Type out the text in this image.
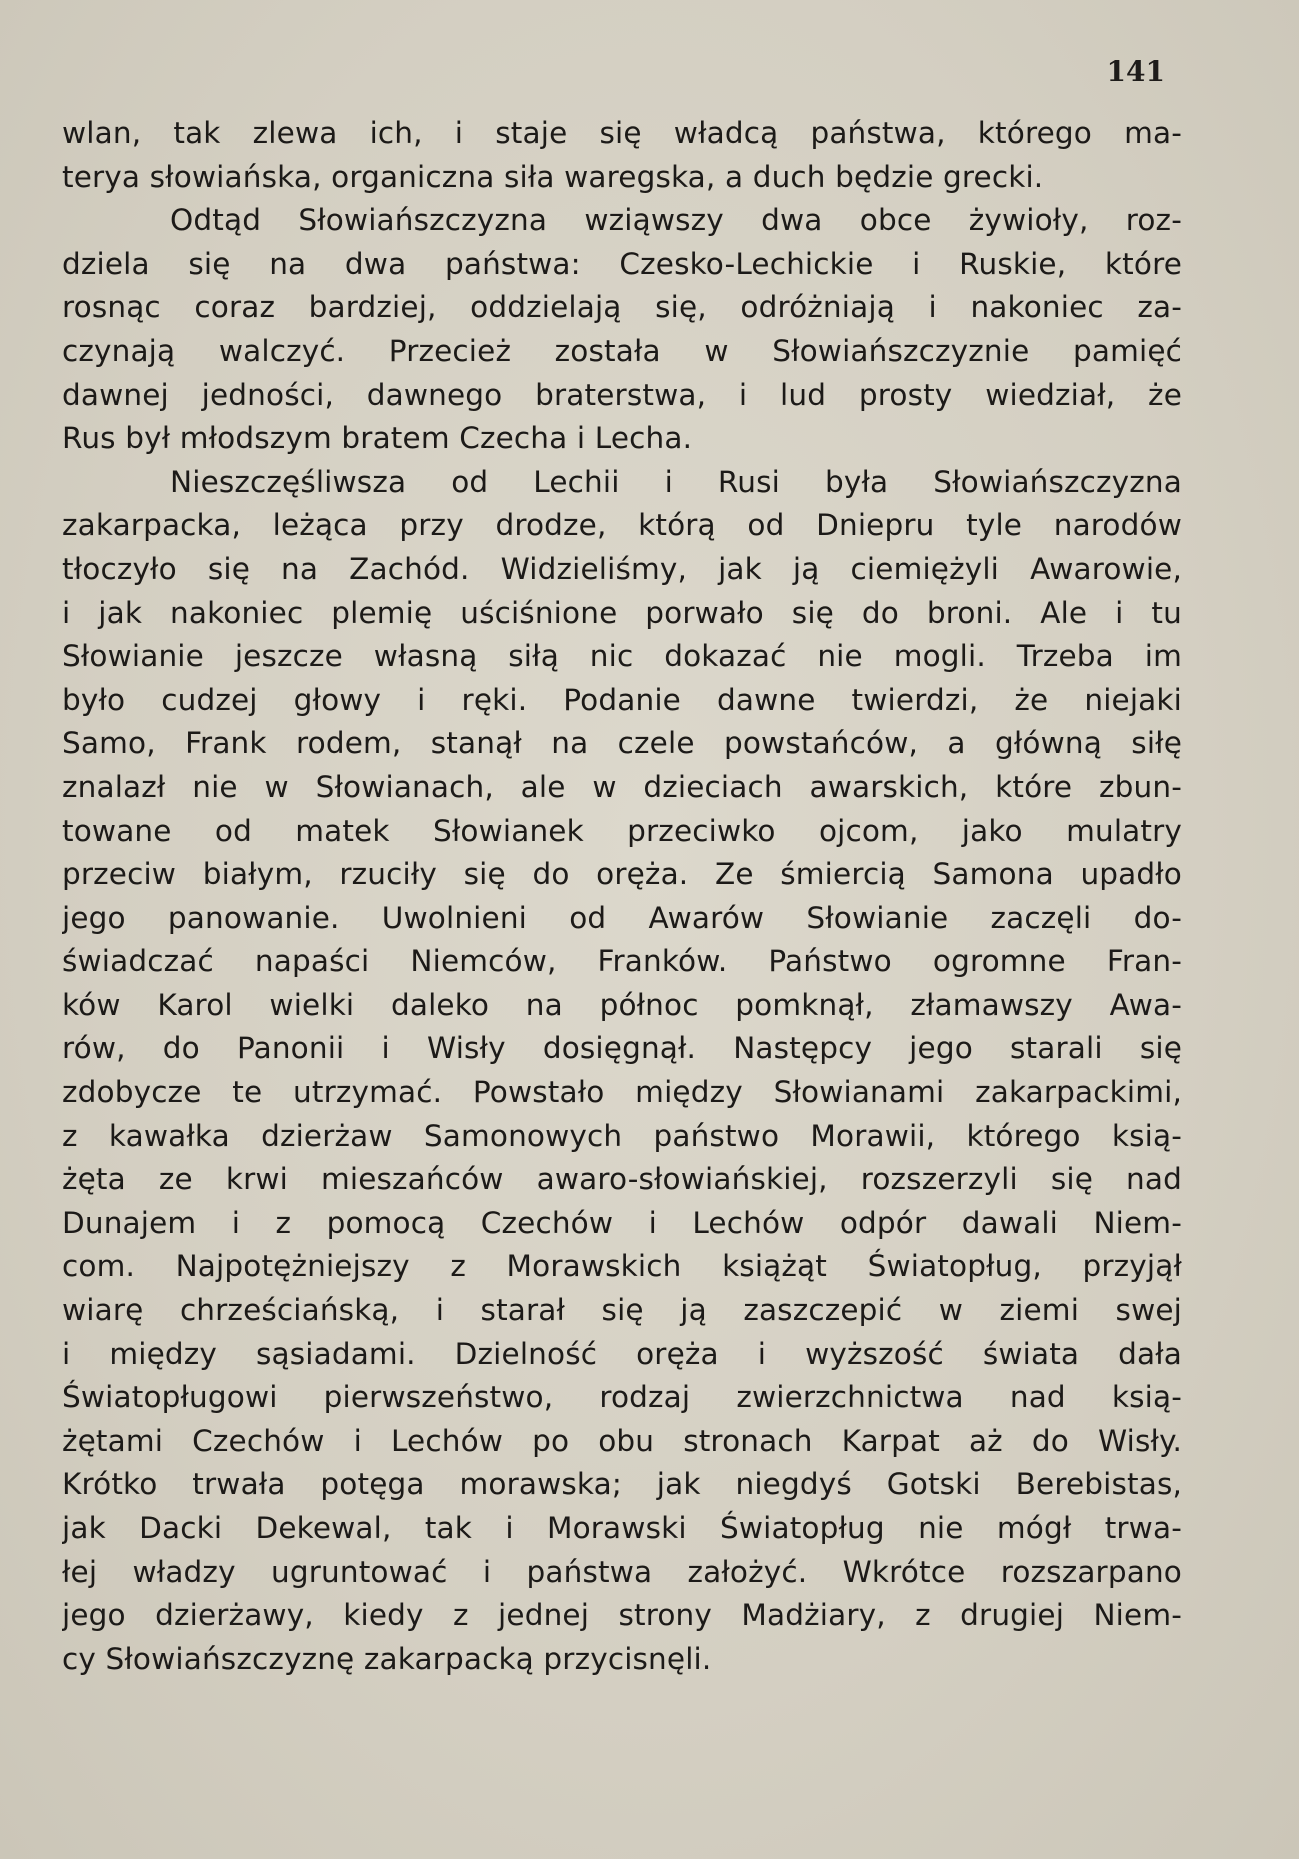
141
wlan, tak zlewa ich, i staje się władcą państwa, którego ma-
terya słowiańska, organiczna siła waregska, a duch będzie grecki.
Odtąd Słowiańszczyzna wziąwszy dwa obce żywioły, roz-
dziela się na dwa państwa: Czesko-Lechickie i Ruskie, które
rosnąc coraz bardziej, oddzielają się, odróżniają i nakoniec za-
czynają walczyć. Przecież została w Słowiańszczyznie pamięć
dawnej jedności, dawnego braterstwa, i lud prosty wiedział, że
Rus był młodszym bratem Czecha i Lecha.
Nieszczęśliwsza od Lechii i Rusi była Słowiańszczyzna
zakarpacka, leżąca przy drodze, którą od Dniepru tyle narodów
tłoczyło się na Zachód. Widzieliśmy, jak ją ciemiężyli Awarowie,
i jak nakoniec plemię uściśnione porwało się do broni. Ale i tu
Słowianie jeszcze własną siłą nic dokazać nie mogli. Trzeba im
było cudzej głowy i ręki. Podanie dawne twierdzi, że niejaki
Samo, Frank rodem, stanął na czele powstańców, a główną siłę
znalazł nie w Słowianach, ale w dzieciach awarskich, które zbun-
towane od matek Słowianek przeciwko ojcom, jako mulatry
przeciw białym, rzuciły się do oręża. Ze śmiercią Samona upadło
jego panowanie. Uwolnieni od Awarów Słowianie zaczęli do-
świadczać napaści Niemców, Franków. Państwo ogromne Fran-
ków Karol wielki daleko na północ pomknął, złamawszy Awa-
rów, do Panonii i Wisły dosięgnął. Następcy jego starali się
zdobycze te utrzymać. Powstało między Słowianami zakarpackimi,
z kawałka dzierżaw Samonowych państwo Morawii, którego ksią-
żęta ze krwi mieszańców awaro-słowiańskiej, rozszerzyli się nad
Dunajem i z pomocą Czechów i Lechów odpór dawali Niem-
com. Najpotężniejszy z Morawskich książąt Światopług, przyjął
wiarę chrześciańską, i starał się ją zaszczepić w ziemi swej
i między sąsiadami. Dzielność oręża i wyższość światа dała
Światopługowi pierwszeństwo, rodzaj zwierzchnictwa nad ksią-
żętami Czechów i Lechów po obu stronach Karpat aż do Wisły.
Krótko trwała potęga morawska; jak niegdyś Gotski Berebistas,
jak Dacki Dekewal, tak i Morawski Światopług nie mógł trwa-
łej władzy ugruntować i państwa założyć. Wkrótce rozszarpano
jego dzierżawy, kiedy z jednej strony Madżiary, z drugiej Niem-
cy Słowiańszczyznę zakarpacką przycisnęli.
